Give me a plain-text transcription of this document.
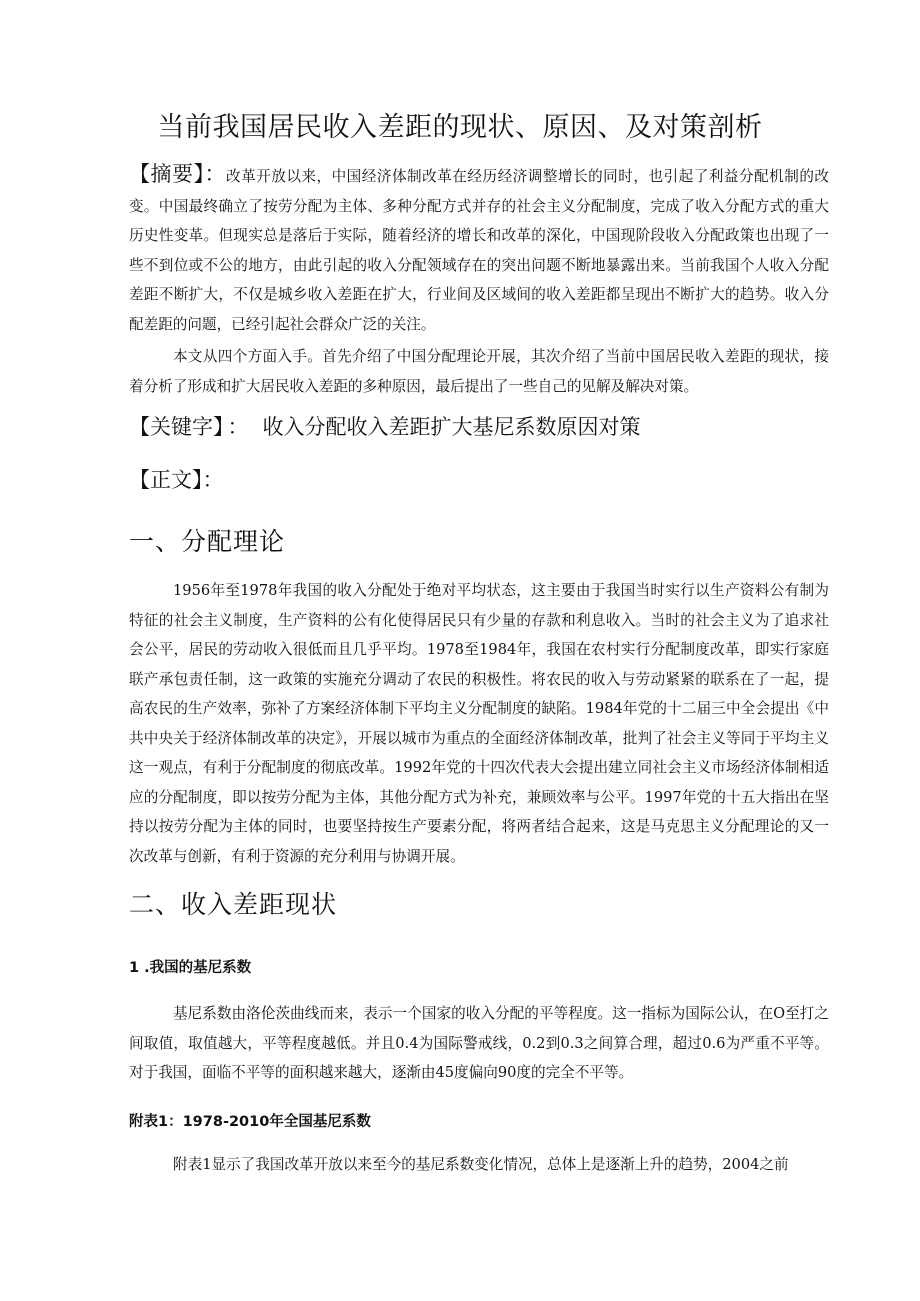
当前我国居民收入差距的现状、原因、及对策剖析

【摘要】：改革开放以来，中国经济体制改革在经历经济调整增长的同时，也引起了利益分配机制的改变。中国最终确立了按劳分配为主体、多种分配方式并存的社会主义分配制度，完成了收入分配方式的重大历史性变革。但现实总是落后于实际，随着经济的增长和改革的深化，中国现阶段收入分配政策也出现了一些不到位或不公的地方，由此引起的收入分配领域存在的突出问题不断地暴露出来。当前我国个人收入分配差距不断扩大，不仅是城乡收入差距在扩大，行业间及区域间的收入差距都呈现出不断扩大的趋势。收入分配差距的问题，已经引起社会群众广泛的关注。

本文从四个方面入手。首先介绍了中国分配理论开展，其次介绍了当前中国居民收入差距的现状，接着分析了形成和扩大居民收入差距的多种原因，最后提出了一些自己的见解及解决对策。

【关键字】 ： 收入分配收入差距扩大基尼系数原因对策
【正文】：
一、分配理论

1956年至1978年我国的收入分配处于绝对平均状态，这主要由于我国当时实行以生产资料公有制为特征的社会主义制度，生产资料的公有化使得居民只有少量的存款和利息收入。当时的社会主义为了追求社会公平，居民的劳动收入很低而且几乎平均。1978至1984年，我国在农村实行分配制度改革，即实行家庭联产承包责任制，这一政策的实施充分调动了农民的积极性。将农民的收入与劳动紧紧的联系在了一起，提高农民的生产效率，弥补了方案经济体制下平均主义分配制度的缺陷。1984年党的十二届三中全会提出《中共中央关于经济体制改革的决定》，开展以城市为重点的全面经济体制改革，批判了社会主义等同于平均主义这一观点，有利于分配制度的彻底改革。1992年党的十四次代表大会提出建立同社会主义市场经济体制相适应的分配制度，即以按劳分配为主体，其他分配方式为补充，兼顾效率与公平。1997年党的十五大指出在坚持以按劳分配为主体的同时，也要坚持按生产要素分配，将两者结合起来，这是马克思主义分配理论的又一次改革与创新，有利于资源的充分利用与协调开展。

二、收入差距现状
1 .我国的基尼系数

基尼系数由洛伦茨曲线而来，表示一个国家的收入分配的平等程度。这一指标为国际公认，在O至打之间取值，取值越大，平等程度越低。并且0.4为国际警戒线，0.2到0.3之间算合理，超过0.6为严重不平等。对于我国，面临不平等的面积越来越大，逐渐由45度偏向90度的完全不平等。

附表1：1978-2010年全国基尼系数

附表1显示了我国改革开放以来至今的基尼系数变化情况，总体上是逐渐上升的趋势，2004之前
